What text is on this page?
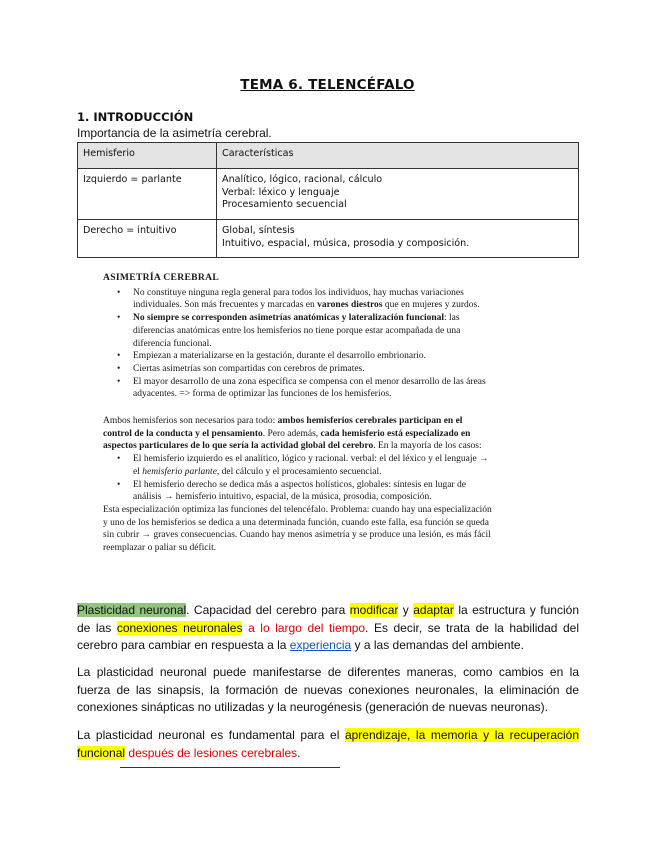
TEMA 6. TELENCÉFALO
1. INTRODUCCIÓN
Importancia de la asimetría cerebral.
Hemisferio	Características
Izquierdo = parlante	Analítico, lógico, racional, cálculo
Verbal: léxico y lenguaje
Procesamiento secuencial

Derecho = intuitivo	Global, síntesis
Intuitivo, espacial, música, prosodia y composición.
ASIMETRÍA CEREBRAL
• No constituye ninguna regla general para todos los individuos, hay muchas variaciones individuales. Son más frecuentes y marcadas en varones diestros que en mujeres y zurdos.
• No siempre se corresponden asimetrías anatómicas y lateralización funcional: las diferencias anatómicas entre los hemisferios no tiene porque estar acompañada de una diferencia funcional.
• Empiezan a materializarse en la gestación, durante el desarrollo embrionario.
• Ciertas asimetrías son compartidas con cerebros de primates.
• El mayor desarrollo de una zona específica se compensa con el menor desarrollo de las áreas adyacentes. => forma de optimizar las funciones de los hemisferios.

Ambos hemisferios son necesarios para todo: ambos hemisferios cerebrales participan en el control de la conducta y el pensamiento. Pero además, cada hemisferio está especializado en aspectos particulares de lo que sería la actividad global del cerebro. En la mayoría de los casos:

• El hemisferio izquierdo es el analítico, lógico y racional. verbal: el del léxico y el lenguaje → el hemisferio parlante, del cálculo y el procesamiento secuencial.
• El hemisferio derecho se dedica más a aspectos holísticos, globales: síntesis en lugar de análisis → hemisferio intuitivo, espacial, de la música, prosodia, composición.

Esta especialización optimiza las funciones del telencéfalo. Problema: cuando hay una especialización y uno de los hemisferios se dedica a una determinada función, cuando este falla, esa función se queda sin cubrir → graves consecuencias. Cuando hay menos asimetría y se produce una lesión, es más fácil reemplazar o paliar su déficit.

Plasticidad neuronal. Capacidad del cerebro para modificar y adaptar la estructura y función de las conexiones neuronales a lo largo del tiempo. Es decir, se trata de la habilidad del cerebro para cambiar en respuesta a la experiencia y a las demandas del ambiente.
La plasticidad neuronal puede manifestarse de diferentes maneras, como cambios en la fuerza de las sinapsis, la formación de nuevas conexiones neuronales, la eliminación de conexiones sinápticas no utilizadas y la neurogénesis (generación de nuevas neuronas).
La plasticidad neuronal es fundamental para el aprendizaje, la memoria y la recuperación funcional después de lesiones cerebrales.
